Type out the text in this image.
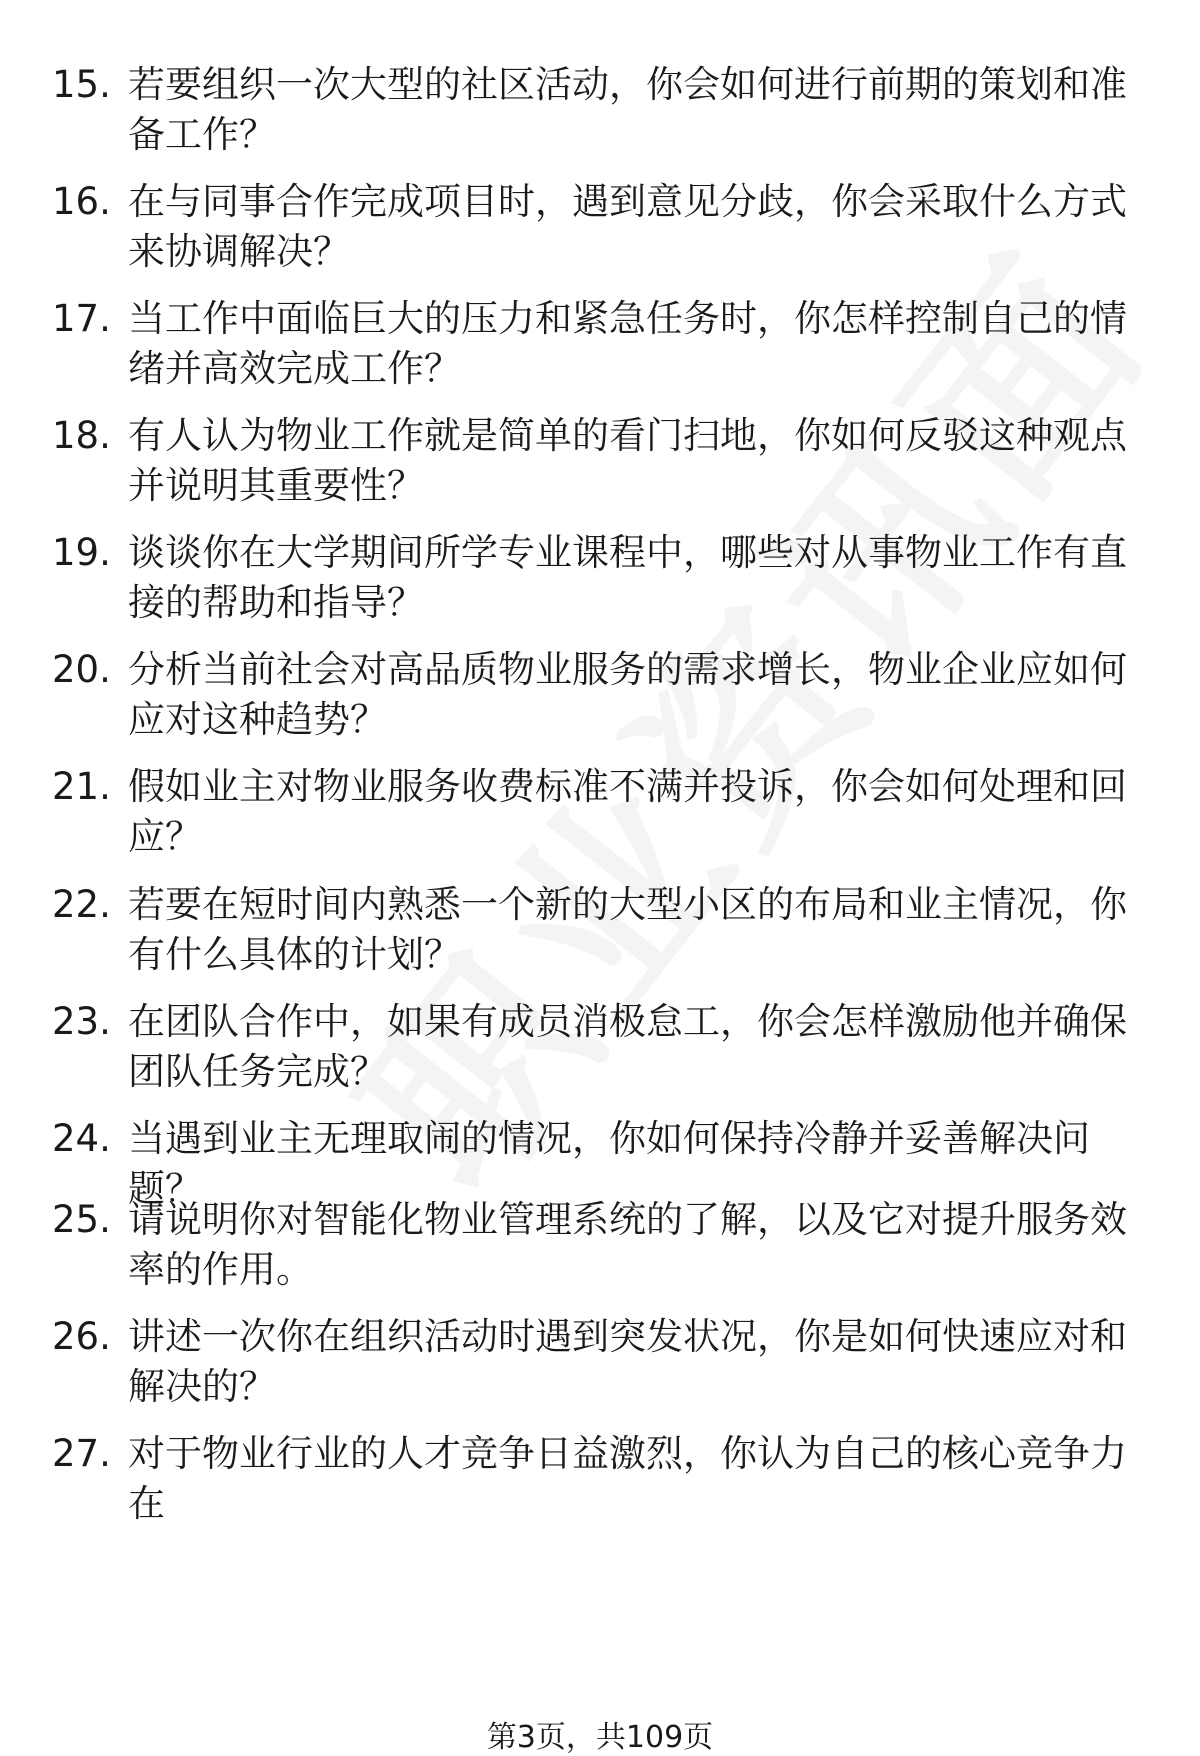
15. 若要组织一次大型的社区活动，你会如何进行前期的策划和准备工作？
16. 在与同事合作完成项目时，遇到意见分歧，你会采取什么方式来协调解决？
17. 当工作中面临巨大的压力和紧急任务时，你怎样控制自己的情绪并高效完成工作？
18. 有人认为物业工作就是简单的看门扫地，你如何反驳这种观点并说明其重要性？
19. 谈谈你在大学期间所学专业课程中，哪些对从事物业工作有直接的帮助和指导？
20. 分析当前社会对高品质物业服务的需求增长，物业企业应如何应对这种趋势？
21. 假如业主对物业服务收费标准不满并投诉，你会如何处理和回应？
22. 若要在短时间内熟悉一个新的大型小区的布局和业主情况，你有什么具体的计划？
23. 在团队合作中，如果有成员消极怠工，你会怎样激励他并确保团队任务完成？
24. 当遇到业主无理取闹的情况，你如何保持冷静并妥善解决问题？
25. 请说明你对智能化物业管理系统的了解，以及它对提升服务效率的作用。
26. 讲述一次你在组织活动时遇到突发状况，你是如何快速应对和解决的？
27. 对于物业行业的人才竞争日益激烈，你认为自己的核心竞争力在
第3页，共109页
